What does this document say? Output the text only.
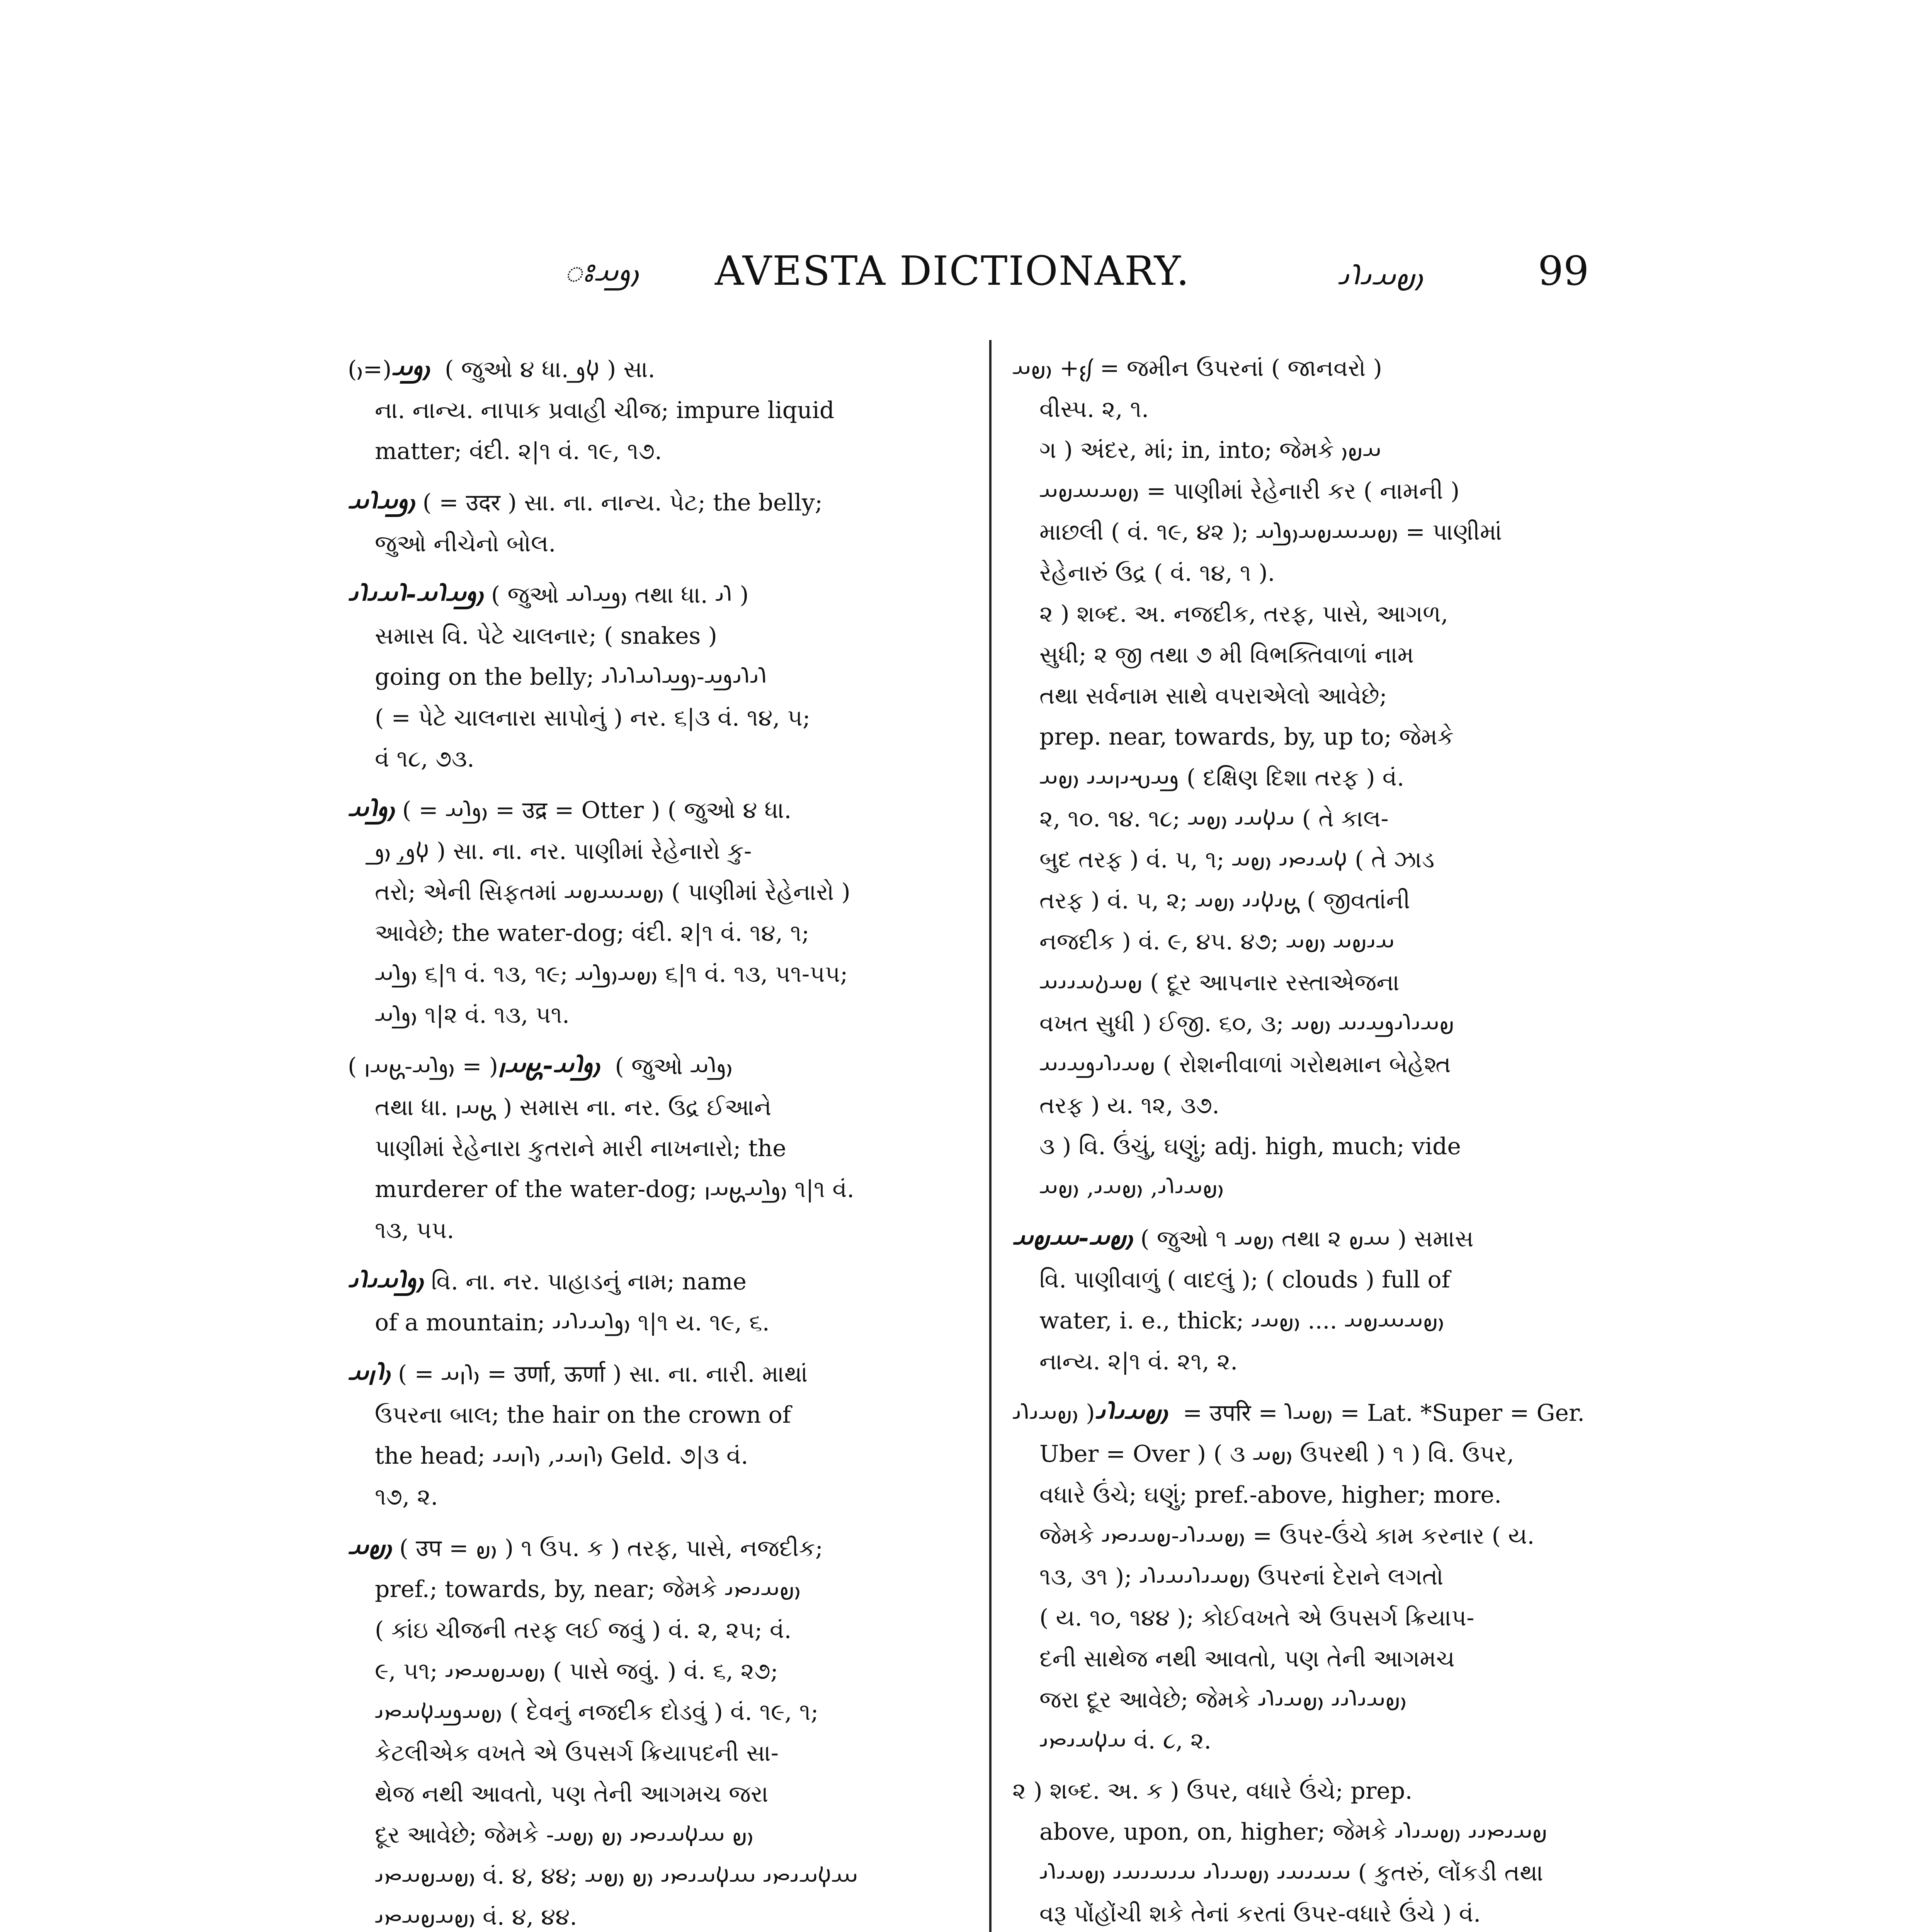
ꢁ𐬎𐬛𐬀 AVESTA DICTIONARY.	𐬎𐬞𐬀𐬌𐬭𐬌	99

𐬎𐬛𐬀(=𐬎) ( જુઓ ૪ ધા. 𐬬𐬛 ) સા.

ના. નાન્ય. નાપાક પ્રવાહી ચીજ; impure liquid

matter; વંદી. ૨|૧ વં. ૧૯, ૧૭.

𐬎𐬛𐬀𐬭𐬀 ( = उदर ) સા. ના. નાન્ય. પેટ; the belly;

જુઓ નીચેનો બોલ.

𐬎𐬛𐬀𐬭𐬀-𐬭𐬀𐬌𐬭𐬌 ( જુઓ 𐬎𐬛𐬀𐬭𐬀 તથા ધા. 𐬭𐬌 )

સમાસ વિ. પેટે ચાલનાર; ( snakes )

going on the belly; 𐬭𐬌𐬭𐬌𐬛𐬀-𐬎𐬛𐬀𐬭𐬀𐬭𐬌𐬭𐬌

( = પેટે ચાલનારા સાપોનું ) નર. ૬|૩ વં. ૧૪, ૫;

વં ૧૮, ૭૩.

𐬎𐬛𐬭𐬀 ( = 𐬎𐬛𐬭𐬀 = उद्र = Otter ) ( જુઓ ૪ ધા.

𐬬𐬛, 𐬎𐬛 ) સા. ના. નર. પાણીમાં રેહેનારો કુ-

તરો; એની સિફતમાં 𐬎𐬞𐬀𐬁𐬞𐬀 ( પાણીમાં રેહેનારો )

આવેછે; the water-dog; વંદી. ૨|૧ વં. ૧૪, ૧;

𐬎𐬛𐬭𐬀 ૬|૧ વં. ૧૩, ૧૯; 𐬎𐬞𐬀𐬎𐬛𐬭𐬀 ૬|૧ વં. ૧૩, ૫૧-૫૫;

𐬎𐬛𐬭𐬀 ૧|૨ વં. ૧૩, ૫૧.

𐬎𐬛𐬭𐬀-𐬘𐬀𐬥( = 𐬎𐬛𐬭𐬀-𐬘𐬀𐬥 ) ( જુઓ 𐬎𐬛𐬭𐬀

તથા ધા. 𐬘𐬀𐬥 ) સમાસ ના. નર. ઉદ્ર ઈઆને

પાણીમાં રેહેનારા કુતરાને મારી નાખનારો; the

murderer of the water-dog; 𐬎𐬛𐬭𐬀𐬘𐬀𐬥 ૧|૧ વં.

૧૩, ૫૫.

𐬎𐬛𐬭𐬀𐬌𐬭𐬌 વિ. ના. નર. પાહાડનું નામ; name

of a mountain; 𐬎𐬛𐬭𐬀𐬌𐬭𐬌𐬌 ૧|૧ ય. ૧૯, ૬.

𐬎𐬭𐬥𐬀 ( = 𐬎𐬭𐬥𐬀 = उर्णा, ऊर्णा ) સા. ના. નારી. માથાં

ઉપરના બાલ; the hair on the crown of

the head; 𐬎𐬭𐬥𐬀𐬌, 𐬎𐬭𐬥𐬀𐬌 Geld. ૭|૩ વં.

૧૭, ૨.

𐬎𐬞𐬀 ( उप = 𐬎𐬞 ) ૧ ઉપ. ક ) તરફ, પાસે, નજદીક;

pref.; towards, by, near; જેમકે 𐬎𐬞𐬀𐬌𐬙𐬌

( કાંઇ ચીજની તરફ લઈ જવું ) વં. ૨, ૨૫; વં.

૯, ૫૧; 𐬎𐬞𐬀𐬞𐬀𐬙𐬌 ( પાસે જવું. ) વં. ૬, ૨૭;

𐬎𐬞𐬀𐬛𐬀𐬬𐬀𐬙𐬌 ( દેવનું નજદીક દોડવું ) વં. ૧૯, ૧;

કેટલીએક વખતે એ ઉપસર્ગ ક્રિયાપદની સા-

થેજ નથી આવતો, પણ તેની આગમચ જરા

દૂર આવેછે; જેમકે -𐬎𐬞 𐬁𐬬𐬀𐬌𐬙𐬌 𐬎𐬞 𐬎𐬞𐬀

𐬎𐬞𐬀𐬞𐬀𐬙𐬌 વં. ૪, ૪૪; 𐬁𐬬𐬀𐬌𐬙𐬌 𐬁𐬬𐬀𐬌𐬙𐬌 𐬎𐬞 𐬎𐬞𐬀

𐬎𐬞𐬀𐬞𐬀𐬙𐬌 વં. ૪, ૪૪.

𐬰𐬆+ 𐬎𐬞𐬀 = જમીન ઉપરનાં ( જાનવરો )

વીસ્પ. ૨, ૧.

ગ ) અંદર, માં; in, into; જેમકે 𐬀𐬞𐬎

𐬎𐬞𐬀𐬁𐬞𐬀 = પાણીમાં રેહેનારી કર ( નામની )

માછલી ( વં. ૧૯, ૪૨ ); 𐬎𐬞𐬀𐬁𐬞𐬀𐬎𐬛𐬭𐬀 = પાણીમાં

રેહેનારું ઉદ્ર ( વં. ૧૪, ૧ ).

૨ ) શબ્દ. અ. નજદીક, તરફ, પાસે, આગળ,

સુધી; ૨ જી તથા ૭ મી વિભક્તિવાળાં નામ

તથા સર્વનામ સાથે વપરાએલો આવેછે;

prep. near, towards, by, up to; જેમકે

𐬛𐬀𐬱𐬌𐬥𐬀𐬌 𐬎𐬞𐬀 ( દક્ષિણ દિશા તરફ ) વં.

૨, ૧૦. ૧૪. ૧૮; 𐬀𐬬𐬀𐬌 𐬎𐬞𐬀 ( તે કાલ-

બુદ તરફ ) વં. ૫, ૧; 𐬬𐬀𐬌𐬙𐬌 𐬎𐬞𐬀 ( તે ઝાડ

તરફ ) વં. ૫, ૨; 𐬘𐬌𐬬𐬌𐬌 𐬎𐬞𐬀 ( જીવતાંની

નજદીક ) વં. ૯, ૪૫. ૪૭; 𐬀𐬌𐬞𐬀 𐬎𐬞𐬀

𐬞𐬀𐬚𐬀𐬌𐬌𐬀 ( દૂર આપનાર રસ્તાએજના

વખત સુધી ) ઈજી. ૬૦, ૩; 𐬞𐬀𐬌𐬭𐬌𐬛𐬀𐬌𐬀 𐬎𐬞𐬀

𐬞𐬀𐬌𐬭𐬌𐬛𐬀𐬌𐬀 ( રોશનીવાળાં ગરોથમાન બેહેશ્ત

તરફ ) ય. ૧૨, ૩૭.

૩ ) વિ. ઉંચું, ઘણું; adj. high, much; vide

𐬎𐬞𐬀𐬌𐬭𐬌, 𐬎𐬞𐬀𐬌, 𐬎𐬞𐬀

𐬎𐬞𐬀-𐬁𐬞𐬀 ( જુઓ ૧ 𐬎𐬞𐬀 તથા ૨ 𐬁𐬞 ) સમાસ

વિ. પાણીવાળું ( વાદલું ); ( clouds ) full of

water, i. e., thick; 𐬎𐬞𐬀𐬁𐬞𐬀 .... 𐬎𐬞𐬀𐬌

નાન્ય. ૨|૧ વં. ૨૧, ૨.

𐬎𐬞𐬀𐬌𐬭𐬌( 𐬎𐬞𐬀𐬌𐬭𐬌 = उपरि = 𐬎𐬞𐬀𐬭 = Lat. *Super = Ger.

Uber = Over ) ( ૩ 𐬎𐬞𐬀 ઉપરથી ) ૧ ) વિ. ઉપર,

વધારે ઉંચે; ઘણું; pref.-above, higher; more.

જેમકે 𐬎𐬞𐬀𐬌𐬭𐬌-𐬞𐬀𐬌𐬙𐬌 = ઉપર-ઉંચે કામ કરનાર ( ય.

૧૩, ૩૧ ); 𐬎𐬞𐬀𐬌𐬭𐬌𐬀𐬌𐬭𐬌 ઉપરનાં દેરાને લગતો

( ય. ૧૦, ૧૪૪ ); કોઈવખતે એ ઉપસર્ગ ક્રિયાપ-

દની સાથેજ નથી આવતો, પણ તેની આગમચ

જરા દૂર આવેછે; જેમકે 𐬎𐬞𐬀𐬌𐬭𐬌𐬌 𐬎𐬞𐬀𐬌𐬭𐬌

𐬀𐬬𐬀𐬌𐬙𐬌 વં. ૮, ૨.

૨ ) શબ્દ. અ. ક ) ઉપર, વધારે ઉંચે; prep.

above, upon, on, higher; જેમકે 𐬞𐬀𐬌𐬙𐬌𐬌 𐬎𐬞𐬀𐬌𐬭𐬌

𐬀𐬀𐬌𐬀𐬌 𐬎𐬞𐬀𐬌𐬭𐬌 𐬀𐬌𐬀𐬌𐬀𐬌 𐬎𐬞𐬀𐬌𐬭𐬌 ( કુતરું, લોંકડી તથા

વરૂ પોંહોંચી શકે તેનાં કરતાં ઉપર-વધારે ઉંચે ) વં.
